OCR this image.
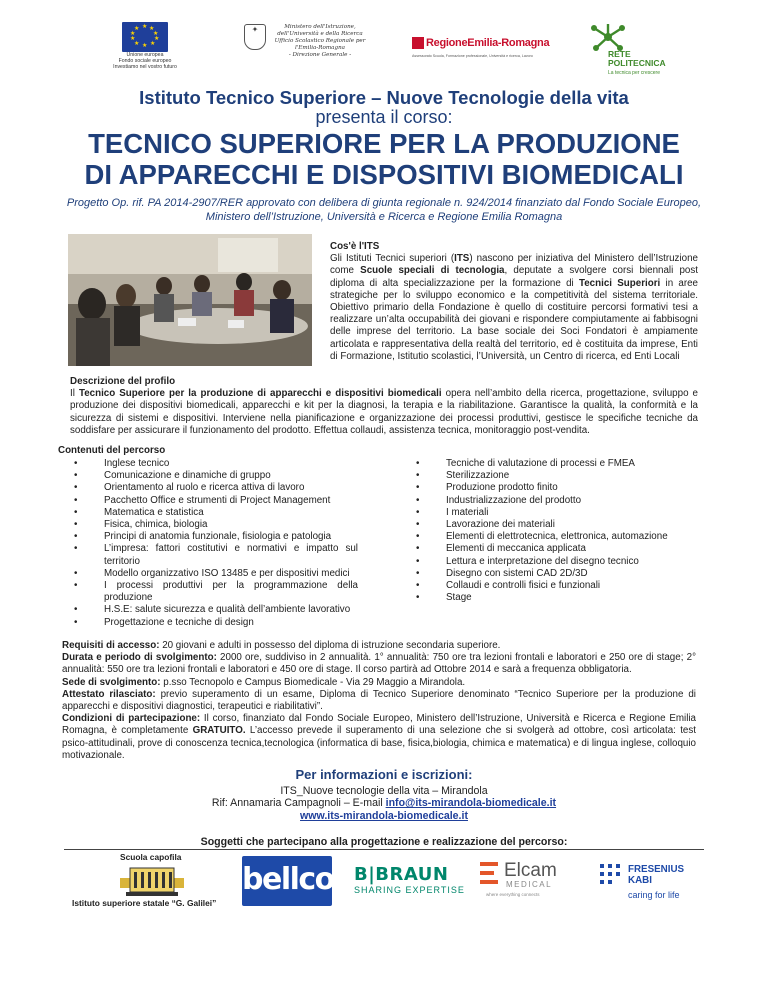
★ ★
★
★
★
★
★
★
★
★
Unione europea
Fondo sociale europeo
Investiamo nel vostro futuro
✦	Ministero dell'Istruzione,
dell'Università e della Ricerca
Ufficio Scolastico Regionale per l'Emilia-Romagna
- Direzione Generale -
RegioneEmilia-Romagna
Assessorato Scuola, Formazione professionale, Università e ricerca, Lavoro	RETE
POLITECNICA
La tecnica per crescere
Istituto Tecnico Superiore – Nuove Tecnologie della vita
presenta il corso:
TECNICO SUPERIORE PER LA PRODUZIONE
DI APPARECCHI E DISPOSITIVI BIOMEDICALI
Progetto Op. rif. PA 2014-2907/RER approvato con delibera di giunta regionale n. 924/2014 finanziato dal Fondo Sociale Europeo,
Ministero dell’Istruzione, Università e Ricerca e Regione Emilia Romagna
Cos'è l'ITS

Gli Istituti Tecnici superiori (ITS) nascono per iniziativa del Ministero dell’Istruzione come Scuole speciali di tecnologia, deputate a svolgere corsi biennali post diploma di alta specializzazione per la formazione di Tecnici Superiori in aree strategiche per lo sviluppo economico e la competitività del sistema territoriale. Obiettivo primario della Fondazione è quello di costituire percorsi formativi tesi a realizzare un’alta occupabilità dei giovani e rispondere compiutamente ai fabbisogni delle imprese del territorio. La base sociale dei Soci Fondatori è ampiamente articolata e rappresentativa della realtà del territorio, ed è costituita da imprese, Enti di Formazione, Istitutio scolastici, l’Università, un Centro di ricerca, ed Enti Locali

Descrizione del profilo

Il Tecnico Superiore per la produzione di apparecchi e dispositivi biomedicali opera nell’ambito della ricerca, progettazione, sviluppo e produzione dei dispositivi biomedicali, apparecchi e kit per la diagnosi, la terapia e la riabilitazione. Garantisce la qualità, la conformità e la sicurezza di sistemi e dispositivi. Interviene nella pianificazione e organizzazione dei processi produttivi, gestisce le specifiche tecniche da soddisfare per assicurare il funzionamento del prodotto. Effettua collaudi, assistenza tecnica, monitoraggio post-vendita.

Contenuti del percorso
• Inglese tecnico
• Comunicazione e dinamiche di gruppo
• Orientamento al ruolo e ricerca attiva di lavoro
• Pacchetto Office e strumenti di Project Management
• Matematica e statistica
• Fisica, chimica, biologia
• Principi di anatomia funzionale, fisiologia e patologia
• L’impresa: fattori costitutivi e normativi e impatto sul territorio
• Modello organizzativo ISO 13485 e per dispositivi medici
• I processi produttivi per la programmazione della produzione
• H.S.E: salute sicurezza e qualità dell’ambiente lavorativo
• Progettazione e tecniche di design
• Tecniche di valutazione di processi e FMEA
• Sterilizzazione
• Produzione prodotto finito
• Industrializzazione del prodotto
• I materiali
• Lavorazione dei materiali
• Elementi di elettrotecnica, elettronica, automazione
• Elementi di meccanica applicata
• Lettura e interpretazione del disegno tecnico
• Disegno con sistemi CAD 2D/3D
• Collaudi e controlli fisici e funzionali
• Stage

Requisiti di accesso: 20 giovani e adulti in possesso del diploma di istruzione secondaria superiore.

Durata e periodo di svolgimento: 2000 ore, suddiviso in 2 annualità. 1° annualità: 750 ore tra lezioni frontali e laboratori e 250 ore di stage; 2° annualità: 550 ore tra lezioni frontali e laboratori e 450 ore di stage. Il corso partirà ad Ottobre 2014 e sarà a frequenza obbligatoria.

Sede di svolgimento: p.sso Tecnopolo e Campus Biomedicale - Via 29 Maggio a Mirandola.

Attestato rilasciato: previo superamento di un esame, Diploma di Tecnico Superiore denominato “Tecnico Superiore per la produzione di apparecchi e dispositivi diagnostici, terapeutici e riabilitativi”.

Condizioni di partecipazione: Il corso, finanziato dal Fondo Sociale Europeo, Ministero dell’Istruzione, Università e Ricerca e Regione Emilia Romagna, è completamente GRATUITO. L’accesso prevede il superamento di una selezione che si svolgerà ad ottobre, così articolata: test psico-attitudinali, prove di conoscenza tecnica,tecnologica (informatica di base, fisica,biologia, chimica e matematica) e di lingua inglese, colloquio motivazionale.

Per informazioni e iscrizioni:
ITS_Nuove tecnologie della vita – Mirandola
Rif: Annamaria Campagnoli – E-mail info@its-mirandola-biomedicale.it
www.its-mirandola-biomedicale.it
Soggetti che partecipano alla progettazione e realizzazione del percorso:
Scuola capofila
Istituto superiore statale “G. Galilei”
bellco B|BRAUN
SHARING EXPERTISE
Elcam
MEDICAL
where everything connects
FRESENIUS
KABI
caring for life
